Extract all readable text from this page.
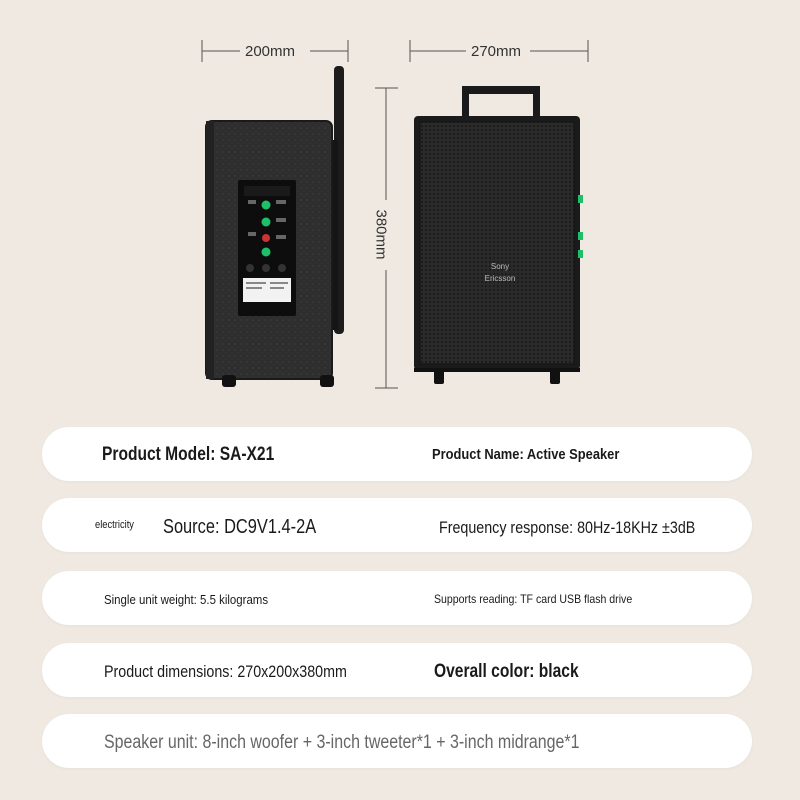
200mm	270mm
380mm
Sony
Ericsson
Product Model: SA-X21	Product Name: Active Speaker
electricity Source: DC9V1.4-2A	Frequency response: 80Hz-18KHz ±3dB
Single unit weight: 5.5 kilograms	Supports reading: TF card USB flash drive
Product dimensions: 270x200x380mm	Overall color: black
Speaker unit: 8-inch woofer + 3-inch tweeter*1 + 3-inch midrange*1
